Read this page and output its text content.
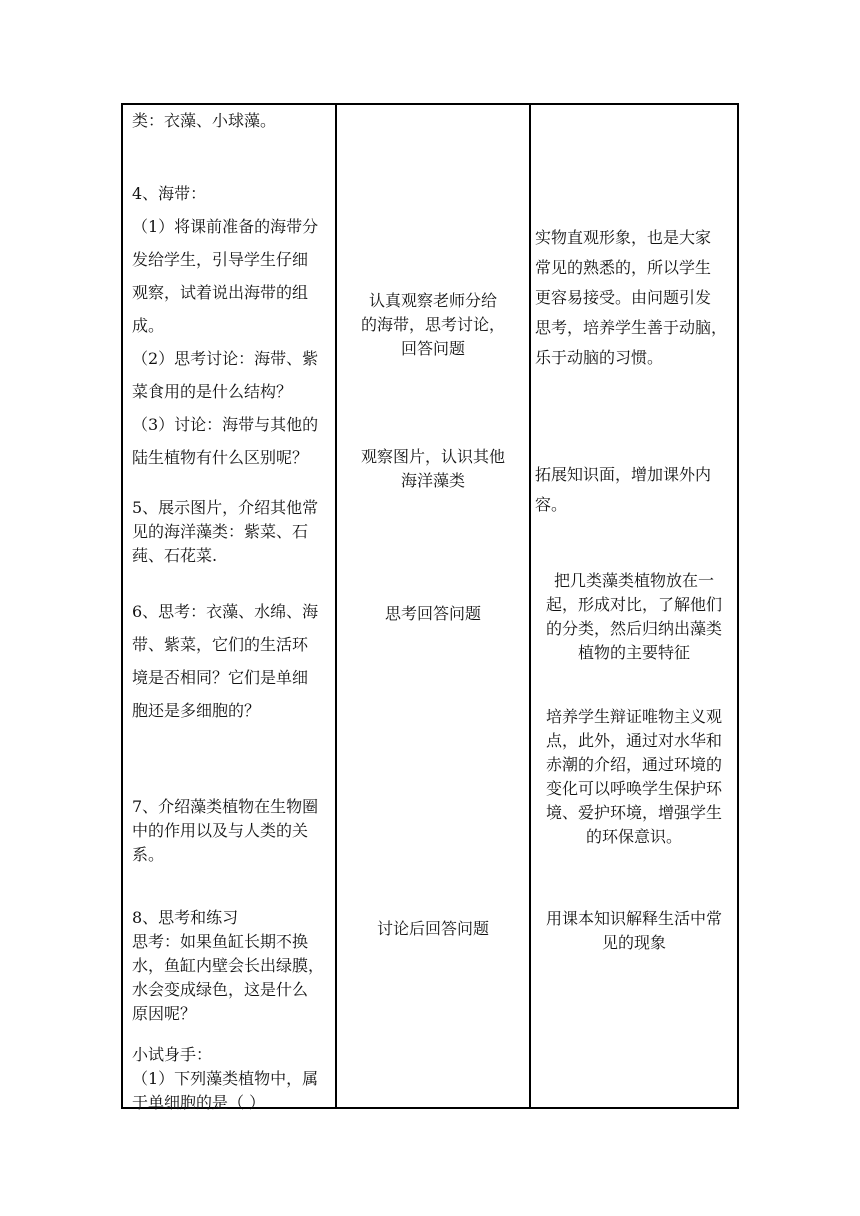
类：衣藻、小球藻。

4、海带：

（1）将课前准备的海带分

发给学生，引导学生仔细

观察，试着说出海带的组

成。

（2）思考讨论：海带、紫

菜食用的是什么结构？

（3）讨论：海带与其他的

陆生植物有什么区别呢？

5、展示图片，介绍其他常

见的海洋藻类：紫菜、石

莼、石花菜.

6、思考：衣藻、水绵、海

带、紫菜，它们的生活环

境是否相同？它们是单细

胞还是多细胞的？

7、介绍藻类植物在生物圈

中的作用以及与人类的关

系。

8、思考和练习

思考：如果鱼缸长期不换

水，鱼缸内壁会长出绿膜，

水会变成绿色，这是什么

原因呢？

小试身手：

（1）下列藻类植物中，属

于单细胞的是（ ）

认真观察老师分给

的海带，思考讨论，

回答问题

观察图片，认识其他

海洋藻类

思考回答问题

讨论后回答问题

实物直观形象，也是大家

常见的熟悉的，所以学生

更容易接受。由问题引发

思考，培养学生善于动脑，

乐于动脑的习惯。

拓展知识面，增加课外内

容。

把几类藻类植物放在一

起，形成对比，了解他们

的分类，然后归纳出藻类

植物的主要特征

培养学生辩证唯物主义观

点，此外，通过对水华和

赤潮的介绍，通过环境的

变化可以呼唤学生保护环

境、爱护环境，增强学生

的环保意识。

用课本知识解释生活中常

见的现象
